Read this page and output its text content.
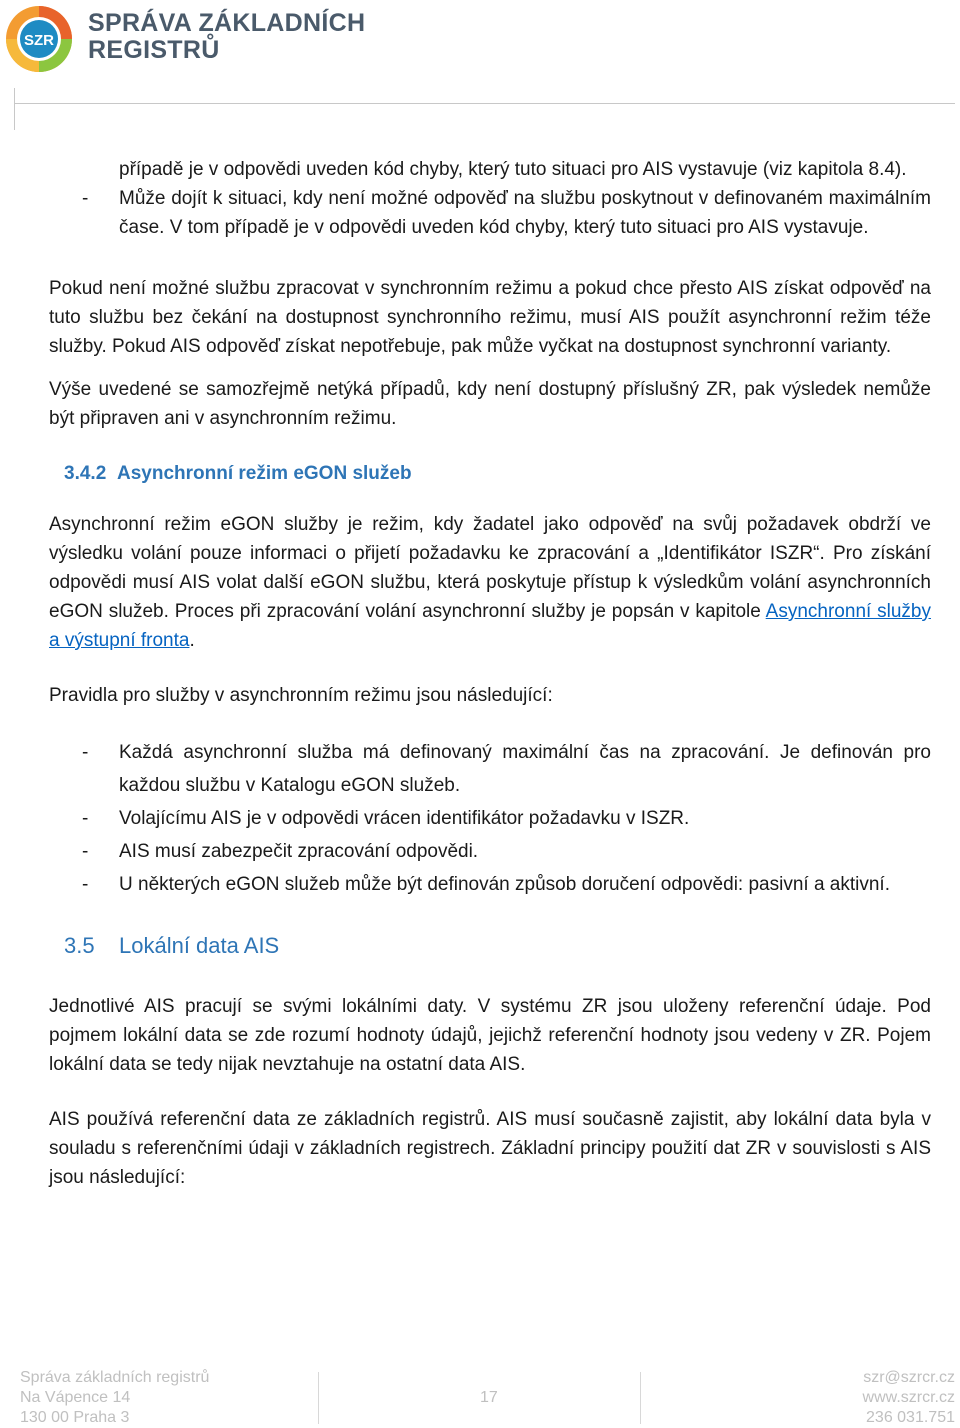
SZR
SPRÁVA ZÁKLADNÍCH
REGISTRŮ
případě je v odpovědi uveden kód chyby, který tuto situaci pro AIS vystavuje (viz kapitola 8.4).
- Může dojít k situaci, kdy není možné odpověď na službu poskytnout v definovaném maximálním čase. V tom případě je v odpovědi uveden kód chyby, který tuto situaci pro AIS vystavuje.

Pokud není možné službu zpracovat v synchronním režimu a pokud chce přesto AIS získat odpověď na tuto službu bez čekání na dostupnost synchronního režimu, musí AIS použít asynchronní režim téže služby. Pokud AIS odpověď získat nepotřebuje, pak může vyčkat na dostupnost synchronní varianty.

Výše uvedené se samozřejmě netýká případů, kdy není dostupný příslušný ZR, pak výsledek nemůže být připraven ani v asynchronním režimu.

3.4.2 Asynchronní režim eGON služeb

Asynchronní režim eGON služby je režim, kdy žadatel jako odpověď na svůj požadavek obdrží ve výsledku volání pouze informaci o přijetí požadavku ke zpracování a „Identifikátor ISZR“. Pro získání odpovědi musí AIS volat další eGON službu, která poskytuje přístup k výsledkům volání asynchronních eGON služeb. Proces při zpracování volání asynchronní služby je popsán v kapitole Asynchronní služby a výstupní fronta.

Pravidla pro služby v asynchronním režimu jsou následující:

- Každá asynchronní služba má definovaný maximální čas na zpracování. Je definován pro každou službu v Katalogu eGON služeb.
- Volajícímu AIS je v odpovědi vrácen identifikátor požadavku v ISZR.
- AIS musí zabezpečit zpracování odpovědi.
- U některých eGON služeb může být definován způsob doručení odpovědi: pasivní a aktivní.
3.5 Lokální data AIS

Jednotlivé AIS pracují se svými lokálními daty. V systému ZR jsou uloženy referenční údaje. Pod pojmem lokální data se zde rozumí hodnoty údajů, jejichž referenční hodnoty jsou vedeny v ZR. Pojem lokální data se tedy nijak nevztahuje na ostatní data AIS.

AIS používá referenční data ze základních registrů. AIS musí současně zajistit, aby lokální data byla v souladu s referenčními údaji v základních registrech. Základní principy použití dat ZR v souvislosti s AIS jsou následující:

Správa základních registrů
Na Vápence 14
130 00 Praha 3
17
szr@szrcr.cz
www.szrcr.cz
236 031.751
